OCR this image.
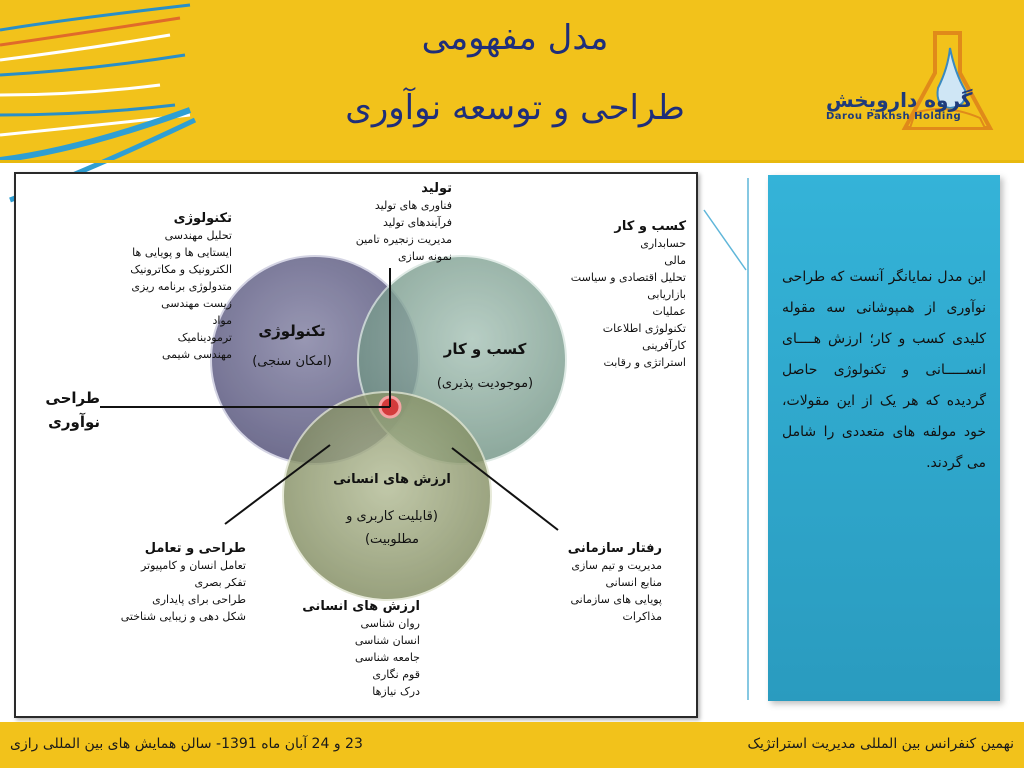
مدل مفهومی
طراحی و توسعه نوآوری	گروه دارویخش
Darou Pakhsh Holding
تکنولوژی
(امکان سنجی)
کسب و کار
(موجودیت پذیری)
ارزش های انسانی
(قابلیت کاربری و
مطلوبیت)
طراحی
نوآوری
تولید
فناوری های تولید
فرآیندهای تولید
مدیریت زنجیره تامین
نمونه سازی
تکنولوژی
تحلیل مهندسی
ایستایی ها و پویایی ها
الکترونیک و مکاترونیک
متدولوژی برنامه ریزی
زیست مهندسی
مواد
ترمودینامیک
مهندسی شیمی
کسب و کار
حسابداری
مالی
تحلیل اقتصادی و سیاست
بازاریابی
عملیات
تکنولوژی اطلاعات
کارآفرینی
استراتژی و رقابت
طراحی و تعامل
تعامل انسان و کامپیوتر
تفکر بصری
طراحی برای پایداری
شکل دهی و زیبایی شناختی
ارزش های انسانی
روان شناسی
انسان شناسی
جامعه شناسی
قوم نگاری
درک نیازها
رفتار سازمانی
مدیریت و تیم سازی
منابع انسانی
پویایی های سازمانی
مذاکرات
این مدل نمایانگر آنست که طراحی نوآوری از همپوشانی سه مقوله کلیدی کسب و کار؛ ارزش هــــای انســـــانی و تکنولوژی حاصل گردیده که هر یک از این مقولات، خود مولفه های متعددی را شامل می گردند.
23 و 24 آبان ماه 1391- سالن همایش های بین المللی رازی	نهمین کنفرانس بین المللی مدیریت استراتژیک
